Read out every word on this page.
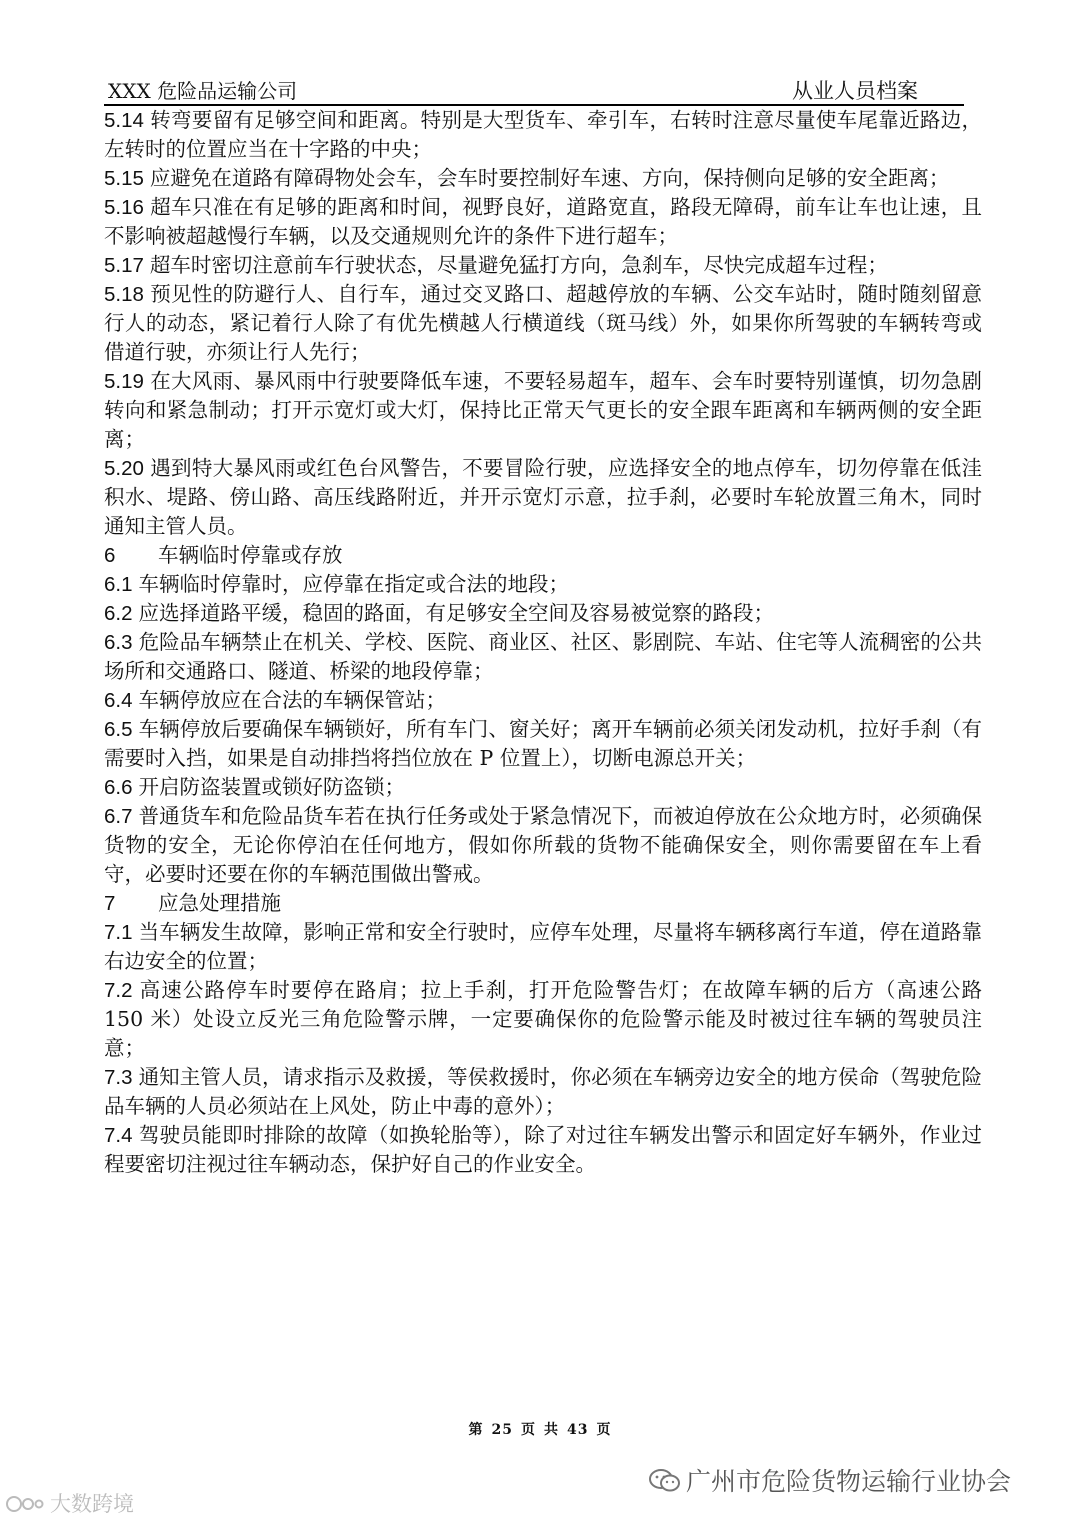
XXX 危险品运输公司	从业人员档案

5.14 转弯要留有足够空间和距离。特别是大型货车、牵引车，右转时注意尽量使车尾靠近路边，左转时的位置应当在十字路的中央；

5.15 应避免在道路有障碍物处会车，会车时要控制好车速、方向，保持侧向足够的安全距离；

5.16 超车只准在有足够的距离和时间，视野良好，道路宽直，路段无障碍，前车让车也让速，且不影响被超越慢行车辆，以及交通规则允许的条件下进行超车；

5.17 超车时密切注意前车行驶状态，尽量避免猛打方向，急刹车，尽快完成超车过程；

5.18 预见性的防避行人、自行车，通过交叉路口、超越停放的车辆、公交车站时，随时随刻留意行人的动态，紧记着行人除了有优先横越人行横道线（斑马线）外，如果你所驾驶的车辆转弯或借道行驶，亦须让行人先行；

5.19 在大风雨、暴风雨中行驶要降低车速，不要轻易超车，超车、会车时要特别谨慎，切勿急剧转向和紧急制动；打开示宽灯或大灯，保持比正常天气更长的安全跟车距离和车辆两侧的安全距离；

5.20 遇到特大暴风雨或红色台风警告，不要冒险行驶，应选择安全的地点停车，切勿停靠在低洼积水、堤路、傍山路、高压线路附近，并开示宽灯示意，拉手刹，必要时车轮放置三角木，同时通知主管人员。

6 车辆临时停靠或存放

6.1 车辆临时停靠时，应停靠在指定或合法的地段；

6.2 应选择道路平缓，稳固的路面，有足够安全空间及容易被觉察的路段；

6.3 危险品车辆禁止在机关、学校、医院、商业区、社区、影剧院、车站、住宅等人流稠密的公共场所和交通路口、隧道、桥梁的地段停靠；

6.4 车辆停放应在合法的车辆保管站；

6.5 车辆停放后要确保车辆锁好，所有车门、窗关好；离开车辆前必须关闭发动机，拉好手刹（有需要时入挡，如果是自动排挡将挡位放在 P 位置上），切断电源总开关；

6.6 开启防盗装置或锁好防盗锁；

6.7 普通货车和危险品货车若在执行任务或处于紧急情况下，而被迫停放在公众地方时，必须确保货物的安全，无论你停泊在任何地方，假如你所载的货物不能确保安全，则你需要留在车上看守，必要时还要在你的车辆范围做出警戒。

7 应急处理措施

7.1 当车辆发生故障，影响正常和安全行驶时，应停车处理，尽量将车辆移离行车道，停在道路靠右边安全的位置；

7.2 高速公路停车时要停在路肩；拉上手刹，打开危险警告灯；在故障车辆的后方（高速公路 150 米）处设立反光三角危险警示牌，一定要确保你的危险警示能及时被过往车辆的驾驶员注意；

7.3 通知主管人员，请求指示及救援，等侯救援时，你必须在车辆旁边安全的地方侯命（驾驶危险品车辆的人员必须站在上风处，防止中毒的意外）；

7.4 驾驶员能即时排除的故障（如换轮胎等），除了对过往车辆发出警示和固定好车辆外，作业过程要密切注视过往车辆动态，保护好自己的作业安全。

第 25 页 共 43 页
广州市危险货物运输行业协会
大数跨境
